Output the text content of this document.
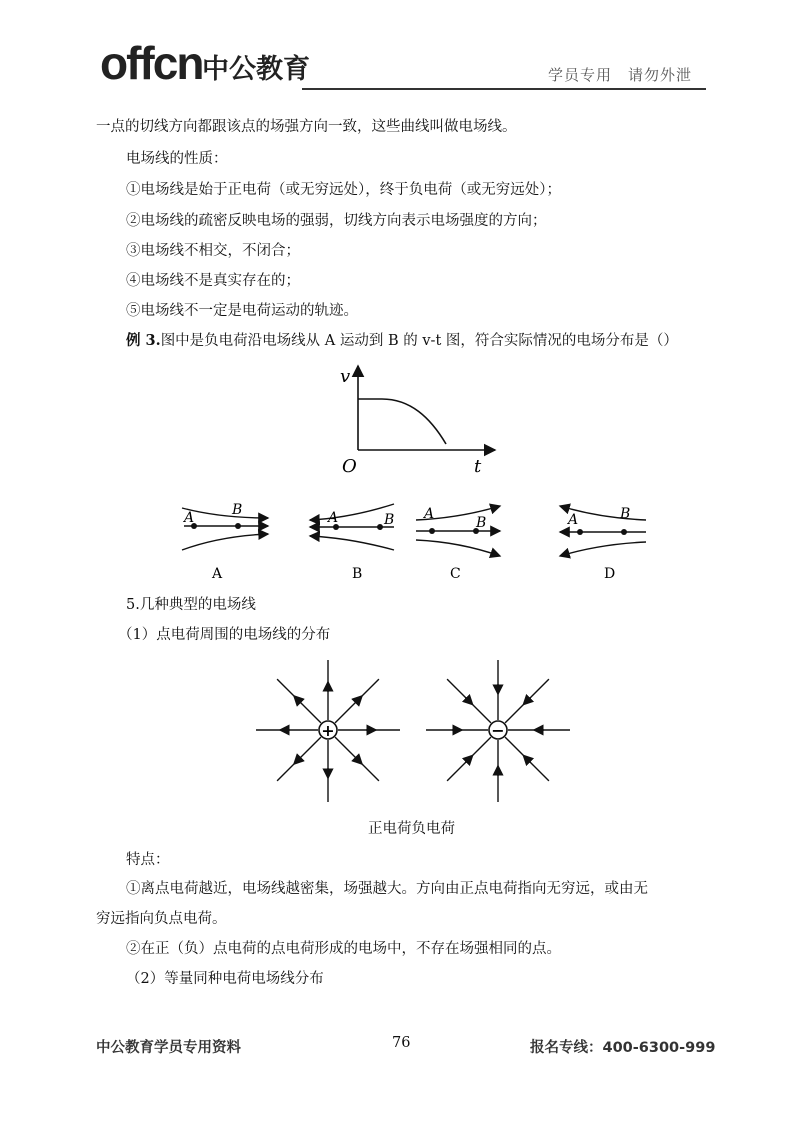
offcn 中公教育	学员专用　请勿外泄
一点的切线方向都跟该点的场强方向一致，这些曲线叫做电场线。
电场线的性质：
①电场线是始于正电荷（或无穷远处），终于负电荷（或无穷远处）；
②电场线的疏密反映电场的强弱，切线方向表示电场强度的方向；
③电场线不相交，不闭合；
④电场线不是真实存在的；
⑤电场线不一定是电荷运动的轨迹。
例 3.图中是负电荷沿电场线从 A 运动到 B 的 v-t 图，符合实际情况的电场分布是（）
v
t
O
A	B
A
A	B
B
A
B
C
A	B
D
5.几种典型的电场线
（1）点电荷周围的电场线的分布
+	−
正电荷负电荷
特点：
①离点电荷越近，电场线越密集，场强越大。方向由正点电荷指向无穷远，或由无
穷远指向负点电荷。
②在正（负）点电荷的点电荷形成的电场中，不存在场强相同的点。
（2）等量同种电荷电场线分布
中公教育学员专用资料	76	报名专线：400-6300-999
